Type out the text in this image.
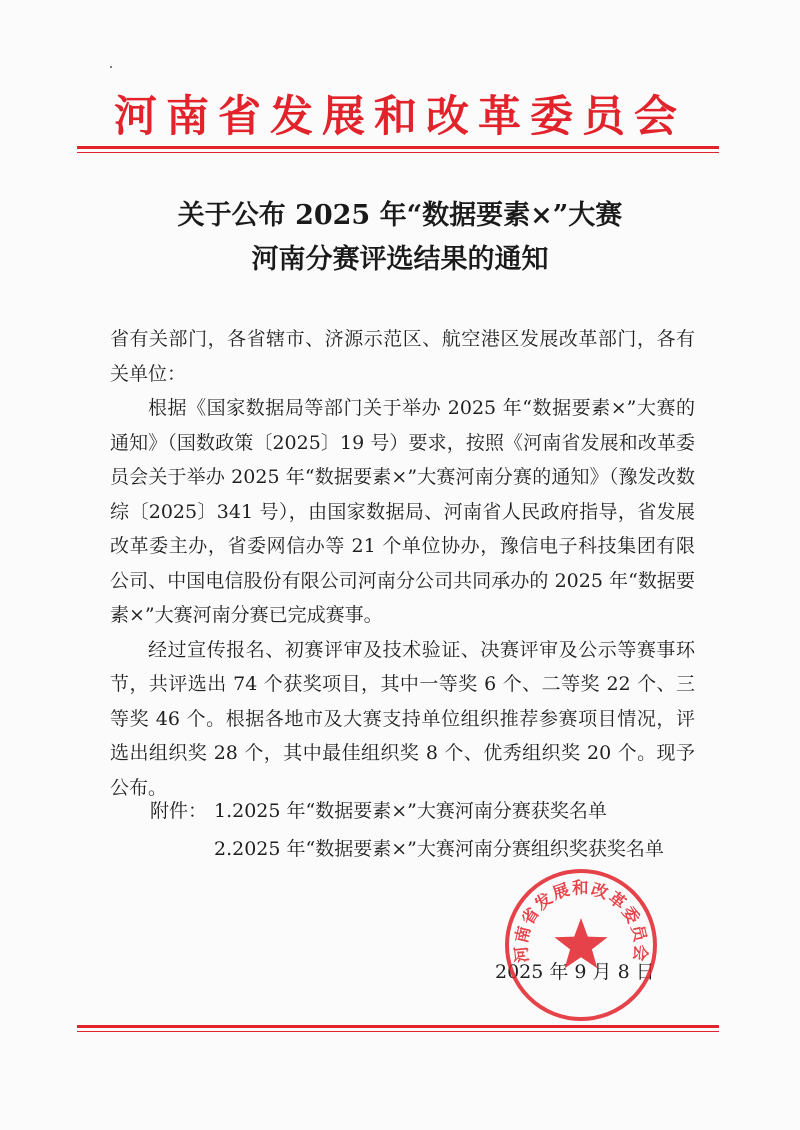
河南省发展和改革委员会
关于公布 2025 年“数据要素×”大赛
河南分赛评选结果的通知

省有关部门，各省辖市、济源示范区、航空港区发展改革部门，各有关单位：

根据《国家数据局等部门关于举办 2025 年“数据要素×”大赛的通知》（国数政策〔2025〕19 号）要求，按照《河南省发展和改革委员会关于举办 2025 年“数据要素×”大赛河南分赛的通知》（豫发改数综〔2025〕341 号），由国家数据局、河南省人民政府指导，省发展改革委主办，省委网信办等 21 个单位协办，豫信电子科技集团有限公司、中国电信股份有限公司河南分公司共同承办的 2025 年“数据要素×”大赛河南分赛已完成赛事。

经过宣传报名、初赛评审及技术验证、决赛评审及公示等赛事环节，共评选出 74 个获奖项目，其中一等奖 6 个、二等奖 22 个、三等奖 46 个。根据各地市及大赛支持单位组织推荐参赛项目情况，评选出组织奖 28 个，其中最佳组织奖 8 个、优秀组织奖 20 个。现予公布。

附件： 1.2025 年“数据要素×”大赛河南分赛获奖名单
2.2025 年“数据要素×”大赛河南分赛组织奖获奖名单
2025 年 9 月 8 日
河南省发展和改革委员会
